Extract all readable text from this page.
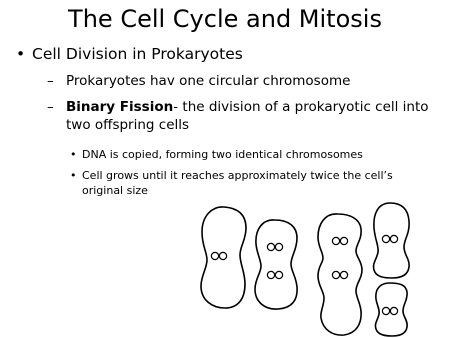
The Cell Cycle and Mitosis
• Cell Division in Prokaryotes
– Prokaryotes hav one circular chromosome
– Binary Fission- the division of a prokaryotic cell into two offspring cells
• DNA is copied, forming two identical chromosomes
• Cell grows until it reaches approximately twice the cell’s original size
